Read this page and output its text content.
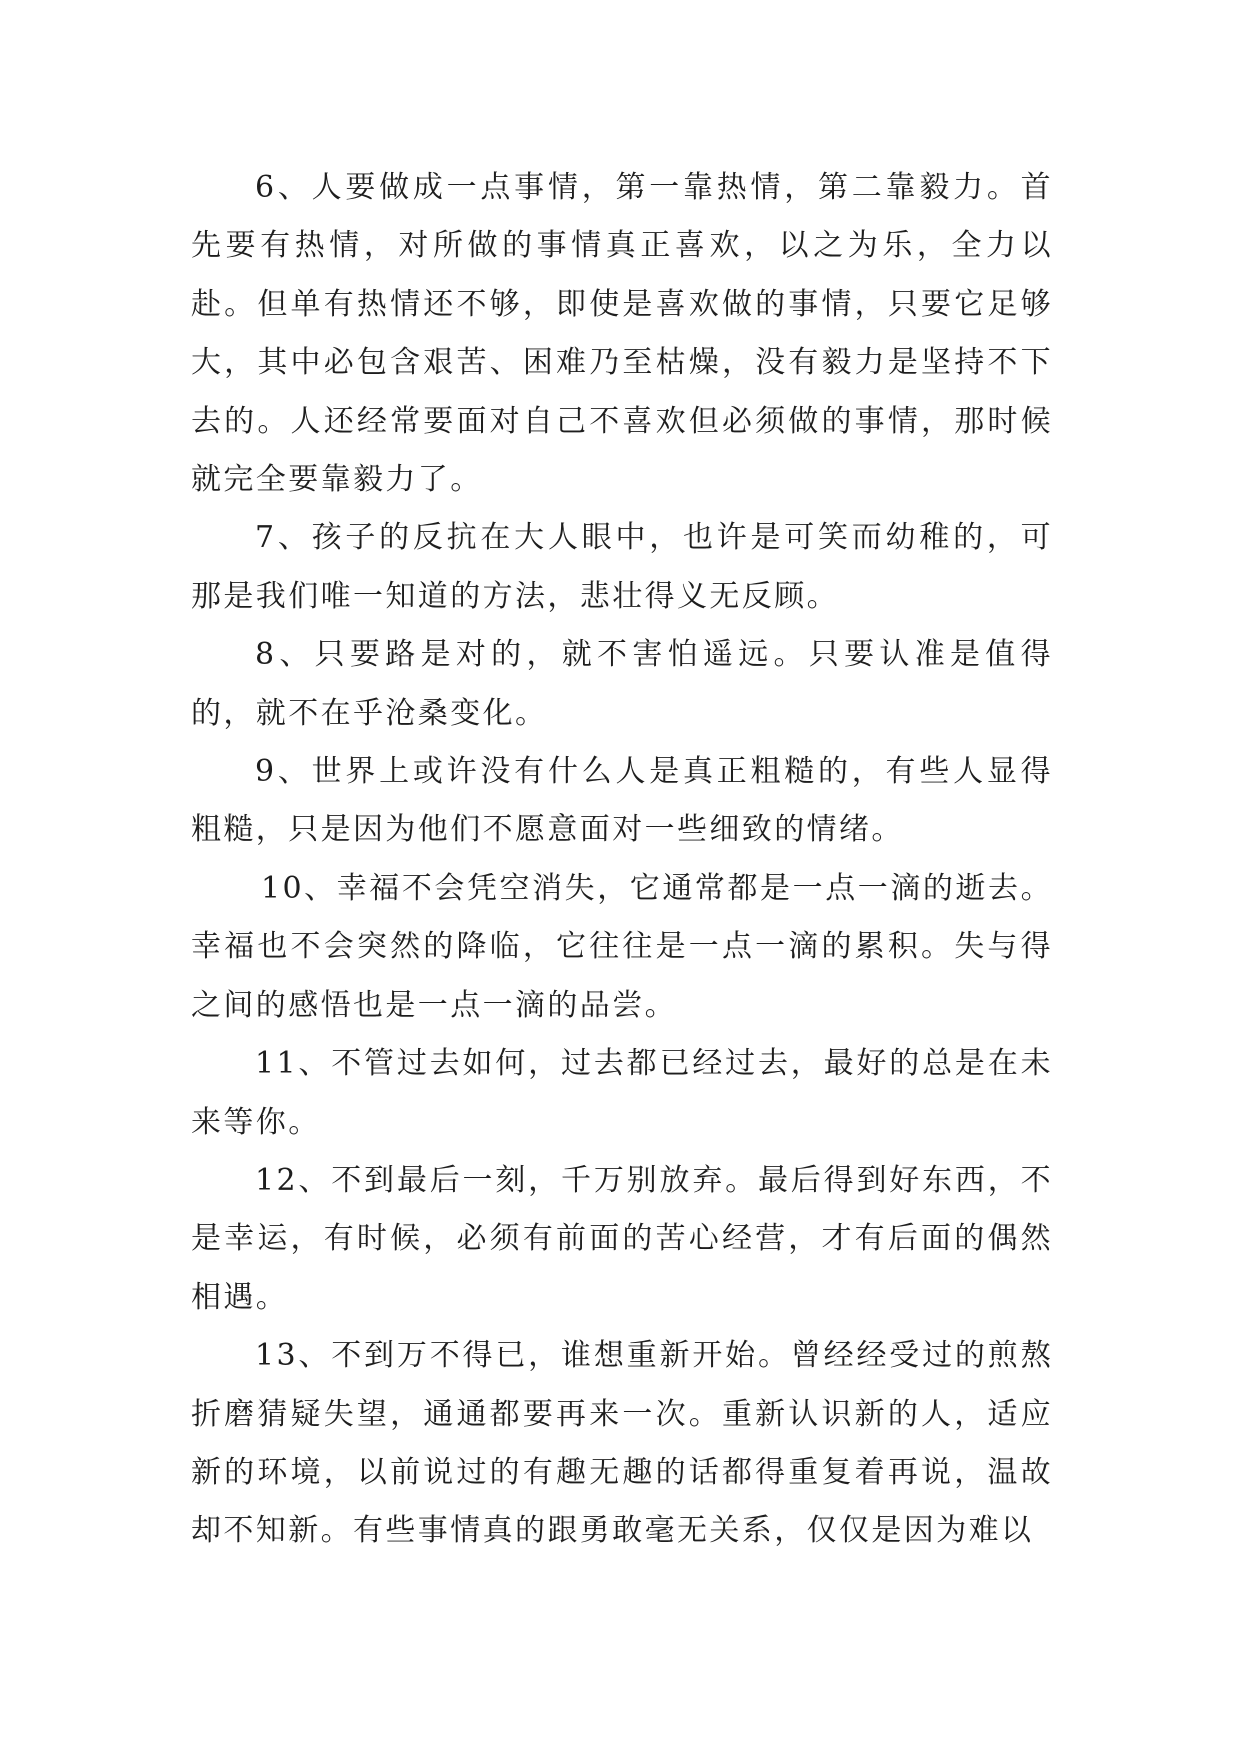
6、人要做成一点事情，第一靠热情，第二靠毅力。首先要有热情，对所做的事情真正喜欢，以之为乐，全力以赴。但单有热情还不够，即使是喜欢做的事情，只要它足够大，其中必包含艰苦、困难乃至枯燥，没有毅力是坚持不下去的。人还经常要面对自己不喜欢但必须做的事情，那时候就完全要靠毅力了。

7、孩子的反抗在大人眼中，也许是可笑而幼稚的，可那是我们唯一知道的方法，悲壮得义无反顾。

8、只要路是对的，就不害怕遥远。只要认准是值得的，就不在乎沧桑变化。

9、世界上或许没有什么人是真正粗糙的，有些人显得粗糙，只是因为他们不愿意面对一些细致的情绪。

10、幸福不会凭空消失，它通常都是一点一滴的逝去。幸福也不会突然的降临，它往往是一点一滴的累积。失与得之间的感悟也是一点一滴的品尝。

11、不管过去如何，过去都已经过去，最好的总是在未来等你。

12、不到最后一刻，千万别放弃。最后得到好东西，不是幸运，有时候，必须有前面的苦心经营，才有后面的偶然相遇。

13、不到万不得已，谁想重新开始。曾经经受过的煎熬折磨猜疑失望，通通都要再来一次。重新认识新的人，适应新的环境，以前说过的有趣无趣的话都得重复着再说，温故却不知新。有些事情真的跟勇敢毫无关系，仅仅是因为难以
